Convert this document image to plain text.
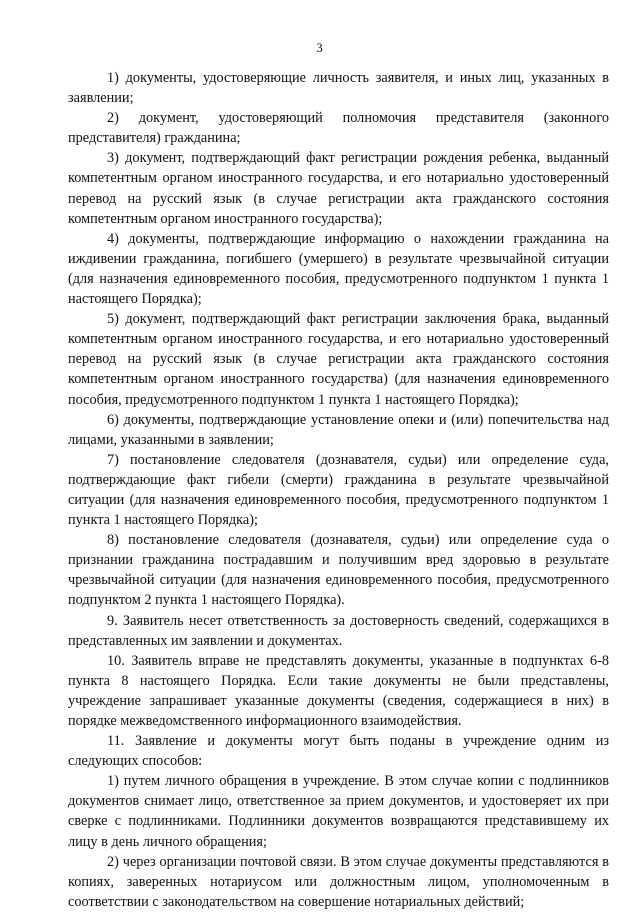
3

1) документы, удостоверяющие личность заявителя, и иных лиц, указанных в заявлении;

2) документ, удостоверяющий полномочия представителя (законного представителя) гражданина;

3) документ, подтверждающий факт регистрации рождения ребенка, выданный компетентным органом иностранного государства, и его нотариально удостоверенный перевод на русский язык (в случае регистрации акта гражданского состояния компетентным органом иностранного государства);

4) документы, подтверждающие информацию о нахождении гражданина на иждивении гражданина, погибшего (умершего) в результате чрезвычайной ситуации (для назначения единовременного пособия, предусмотренного подпунктом 1 пункта 1 настоящего Порядка);

5) документ, подтверждающий факт регистрации заключения брака, выданный компетентным органом иностранного государства, и его нотариально удостоверенный перевод на русский язык (в случае регистрации акта гражданского состояния компетентным органом иностранного государства) (для назначения единовременного пособия, предусмотренного подпунктом 1 пункта 1 настоящего Порядка);

6) документы, подтверждающие установление опеки и (или) попечительства над лицами, указанными в заявлении;

7) постановление следователя (дознавателя, судьи) или определение суда, подтверждающие факт гибели (смерти) гражданина в результате чрезвычайной ситуации (для назначения единовременного пособия, предусмотренного подпунктом 1 пункта 1 настоящего Порядка);

8) постановление следователя (дознавателя, судьи) или определение суда о признании гражданина пострадавшим и получившим вред здоровью в результате чрезвычайной ситуации (для назначения единовременного пособия, предусмотренного подпунктом 2 пункта 1 настоящего Порядка).

9. Заявитель несет ответственность за достоверность сведений, содержащихся в представленных им заявлении и документах.

10. Заявитель вправе не представлять документы, указанные в подпунктах 6-8 пункта 8 настоящего Порядка. Если такие документы не были представлены, учреждение запрашивает указанные документы (сведения, содержащиеся в них) в порядке межведомственного информационного взаимодействия.

11. Заявление и документы могут быть поданы в учреждение одним из следующих способов:

1) путем личного обращения в учреждение. В этом случае копии с подлинников документов снимает лицо, ответственное за прием документов, и удостоверяет их при сверке с подлинниками. Подлинники документов возвращаются представившему их лицу в день личного обращения;

2) через организации почтовой связи. В этом случае документы представляются в копиях, заверенных нотариусом или должностным лицом, уполномоченным в соответствии с законодательством на совершение нотариальных действий;
